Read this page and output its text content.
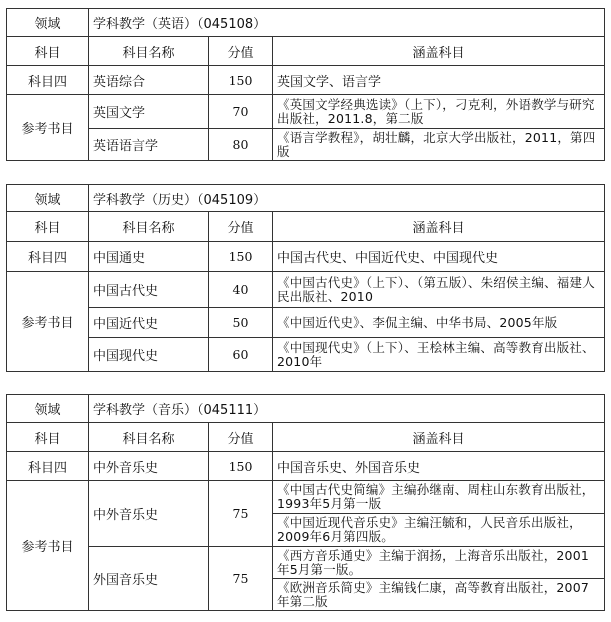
领域	学科教学（英语）（045108）		
科目	科目名称	分值	涵盖科目
科目四	英语综合	150	英国文学、语言学
参考书目	英国文学	70	《英国文学经典选读》（上下），刁克利，外语教学与研究出版社，2011.8，第二版
	英语语言学	80	《语言学教程》，胡壮麟，北京大学出版社，2011，第四版
领域	学科教学（历史）（045109）		
科目	科目名称	分值	涵盖科目
科目四	中国通史	150	中国古代史、中国近代史、中国现代史
参考书目	中国古代史	40	《中国古代史》（上下）、（第五版）、朱绍侯主编、福建人民出版社、2010
	中国近代史	50	《中国近代史》、李侃主编、中华书局、2005年版
	中国现代史	60	《中国现代史》（上下）、王桧林主编、高等教育出版社、2010年
领域	学科教学（音乐）（045111）		
科目	科目名称	分值	涵盖科目
科目四	中外音乐史	150	中国音乐史、外国音乐史
参考书目	中外音乐史	75	《中国古代史简编》主编孙继南、周柱山东教育出版社，1993年5月第一版
			《中国近现代音乐史》主编汪毓和，人民音乐出版社，2009年6月第四版。
	外国音乐史	75	《西方音乐通史》主编于润扬，上海音乐出版社，2001年5月第一版。
			《欧洲音乐简史》主编钱仁康，高等教育出版社，2007年第二版
